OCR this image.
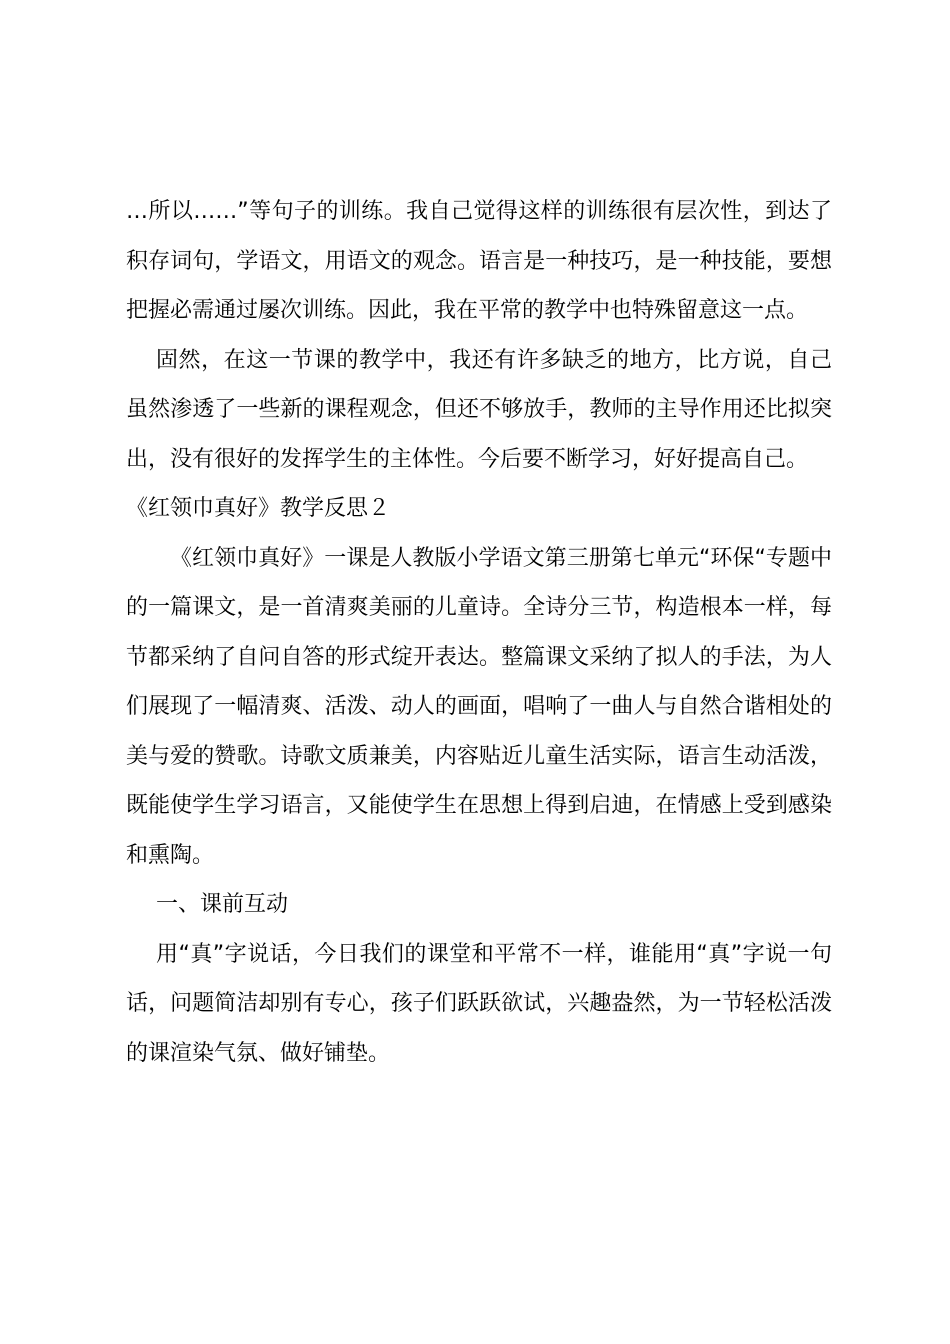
…所以……”等句子的训练。我自己觉得这样的训练很有层次性，到达了积存词句，学语文，用语文的观念。语言是一种技巧，是一种技能，要想把握必需通过屡次训练。因此，我在平常的教学中也特殊留意这一点。

固然，在这一节课的教学中，我还有许多缺乏的地方，比方说，自己虽然渗透了一些新的课程观念，但还不够放手，教师的主导作用还比拟突出，没有很好的发挥学生的主体性。今后要不断学习，好好提高自己。

《红领巾真好》教学反思２

《红领巾真好》一课是人教版小学语文第三册第七单元“环保“专题中的一篇课文，是一首清爽美丽的儿童诗。全诗分三节，构造根本一样，每节都采纳了自问自答的形式绽开表达。整篇课文采纳了拟人的手法，为人们展现了一幅清爽、活泼、动人的画面，唱响了一曲人与自然合谐相处的美与爱的赞歌。诗歌文质兼美，内容贴近儿童生活实际，语言生动活泼，既能使学生学习语言，又能使学生在思想上得到启迪，在情感上受到感染和熏陶。

一、课前互动

用“真”字说话，今日我们的课堂和平常不一样，谁能用“真”字说一句话，问题简洁却别有专心，孩子们跃跃欲试，兴趣盎然，为一节轻松活泼的课渲染气氛、做好铺垫。
